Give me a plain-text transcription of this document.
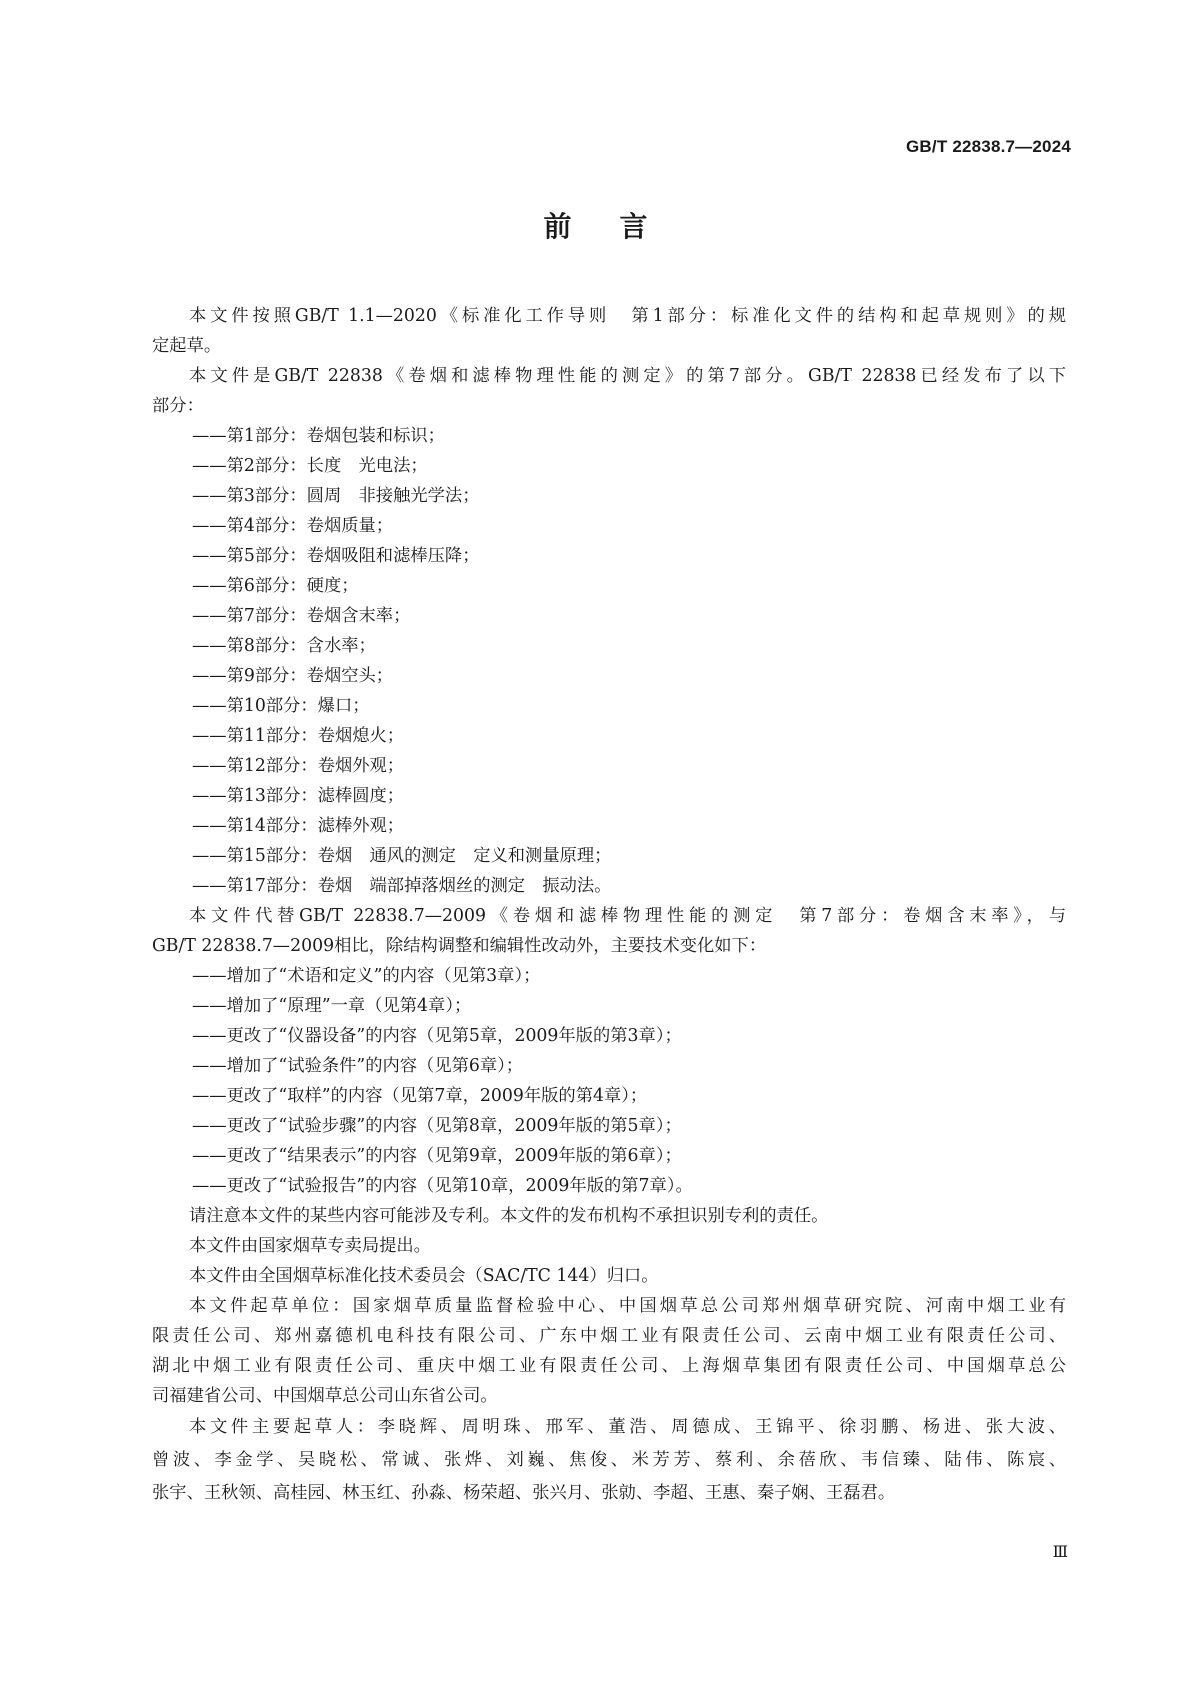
GB/T 22838.7—2024
前言
本文件按照GB/T 1.1—2020《标准化工作导则　第1部分：标准化文件的结构和起草规则》的规
定起草。
本文件是GB/T 22838《卷烟和滤棒物理性能的测定》的第7部分。GB/T 22838已经发布了以下
部分：
——第1部分：卷烟包装和标识；
——第2部分：长度　光电法；
——第3部分：圆周　非接触光学法；
——第4部分：卷烟质量；
——第5部分：卷烟吸阻和滤棒压降；
——第6部分：硬度；
——第7部分：卷烟含末率；
——第8部分：含水率；
——第9部分：卷烟空头；
——第10部分：爆口；
——第11部分：卷烟熄火；
——第12部分：卷烟外观；
——第13部分：滤棒圆度；
——第14部分：滤棒外观；
——第15部分：卷烟　通风的测定　定义和测量原理；
——第17部分：卷烟　端部掉落烟丝的测定　振动法。
本文件代替GB/T 22838.7—2009《卷烟和滤棒物理性能的测定　第7部分：卷烟含末率》，与
GB/T 22838.7—2009相比，除结构调整和编辑性改动外，主要技术变化如下：
——增加了“术语和定义”的内容（见第3章）；
——增加了“原理”一章（见第4章）；
——更改了“仪器设备”的内容（见第5章，2009年版的第3章）；
——增加了“试验条件”的内容（见第6章）；
——更改了“取样”的内容（见第7章，2009年版的第4章）；
——更改了“试验步骤”的内容（见第8章，2009年版的第5章）；
——更改了“结果表示”的内容（见第9章，2009年版的第6章）；
——更改了“试验报告”的内容（见第10章，2009年版的第7章）。
请注意本文件的某些内容可能涉及专利。本文件的发布机构不承担识别专利的责任。
本文件由国家烟草专卖局提出。
本文件由全国烟草标准化技术委员会（SAC/TC 144）归口。
本文件起草单位：国家烟草质量监督检验中心、中国烟草总公司郑州烟草研究院、河南中烟工业有
限责任公司、郑州嘉德机电科技有限公司、广东中烟工业有限责任公司、云南中烟工业有限责任公司、
湖北中烟工业有限责任公司、重庆中烟工业有限责任公司、上海烟草集团有限责任公司、中国烟草总公
司福建省公司、中国烟草总公司山东省公司。
本文件主要起草人：李晓辉、周明珠、邢军、董浩、周德成、王锦平、徐羽鹏、杨进、张大波、
曾波、李金学、吴晓松、常诚、张烨、刘巍、焦俊、米芳芳、蔡利、余蓓欣、韦信臻、陆伟、陈宸、
张宇、王秋领、高桂园、林玉红、孙淼、杨荣超、张兴月、张勍、李超、王惠、秦子娴、王磊君。
Ⅲ
